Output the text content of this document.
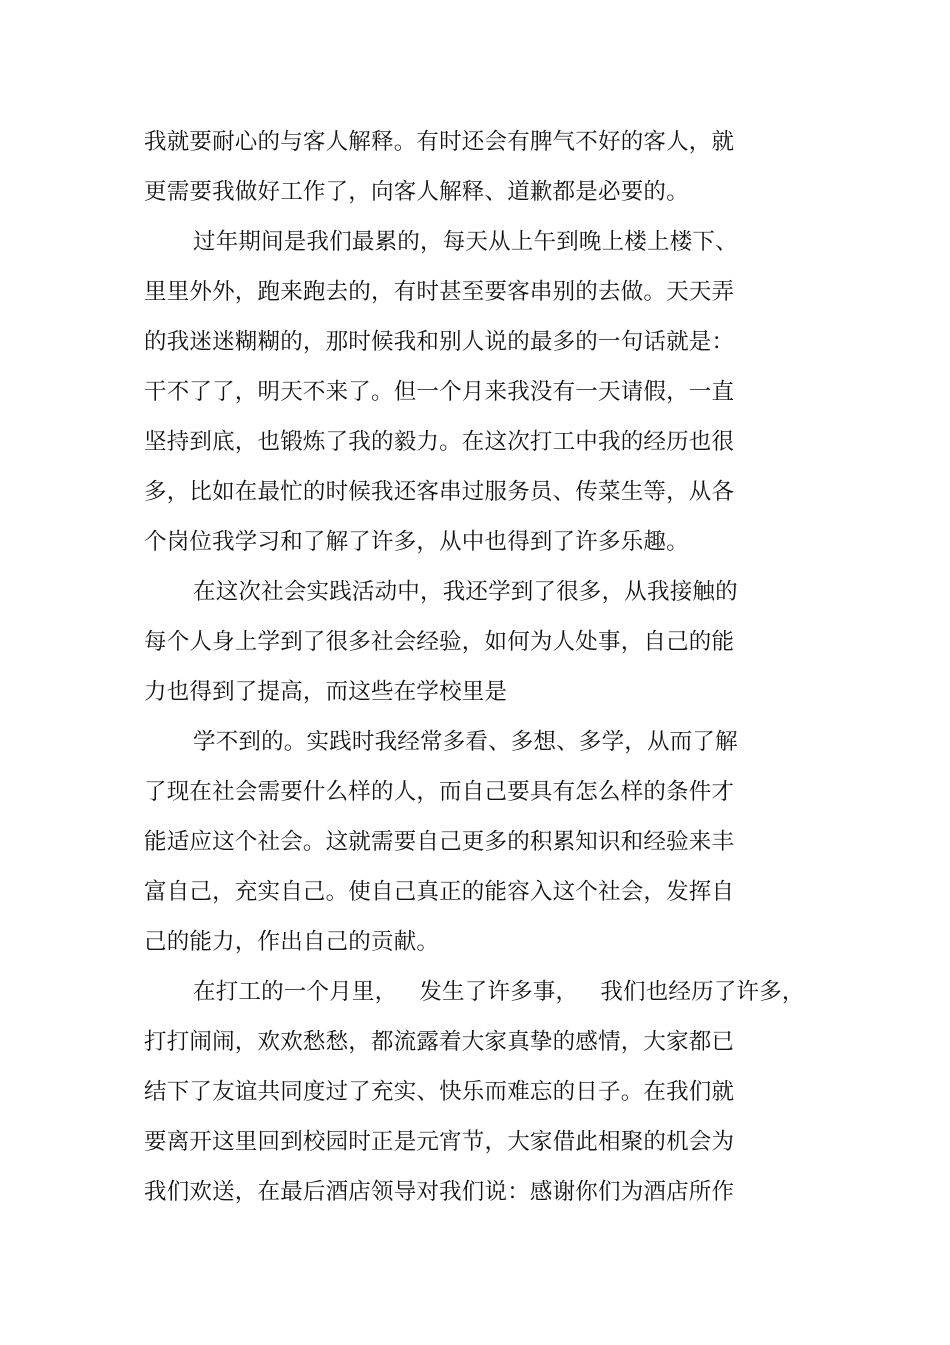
我就要耐心的与客人解释。有时还会有脾气不好的客人，就
更需要我做好工作了，向客人解释、道歉都是必要的。
过年期间是我们最累的，每天从上午到晚上楼上楼下、
里里外外，跑来跑去的，有时甚至要客串别的去做。天天弄
的我迷迷糊糊的，那时候我和别人说的最多的一句话就是：
干不了了，明天不来了。但一个月来我没有一天请假，一直
坚持到底，也锻炼了我的毅力。在这次打工中我的经历也很
多，比如在最忙的时候我还客串过服务员、传菜生等，从各
个岗位我学习和了解了许多，从中也得到了许多乐趣。
在这次社会实践活动中，我还学到了很多，从我接触的
每个人身上学到了很多社会经验，如何为人处事，自己的能
力也得到了提高，而这些在学校里是
学不到的。实践时我经常多看、多想、多学，从而了解
了现在社会需要什么样的人，而自己要具有怎么样的条件才
能适应这个社会。这就需要自己更多的积累知识和经验来丰
富自己，充实自己。使自己真正的能容入这个社会，发挥自
己的能力，作出自己的贡献。
在打工的一个月里，   发生了许多事，   我们也经历了许多，
打打闹闹，欢欢愁愁，都流露着大家真挚的感情，大家都已
结下了友谊共同度过了充实、快乐而难忘的日子。在我们就
要离开这里回到校园时正是元宵节，大家借此相聚的机会为
我们欢送，在最后酒店领导对我们说：感谢你们为酒店所作
